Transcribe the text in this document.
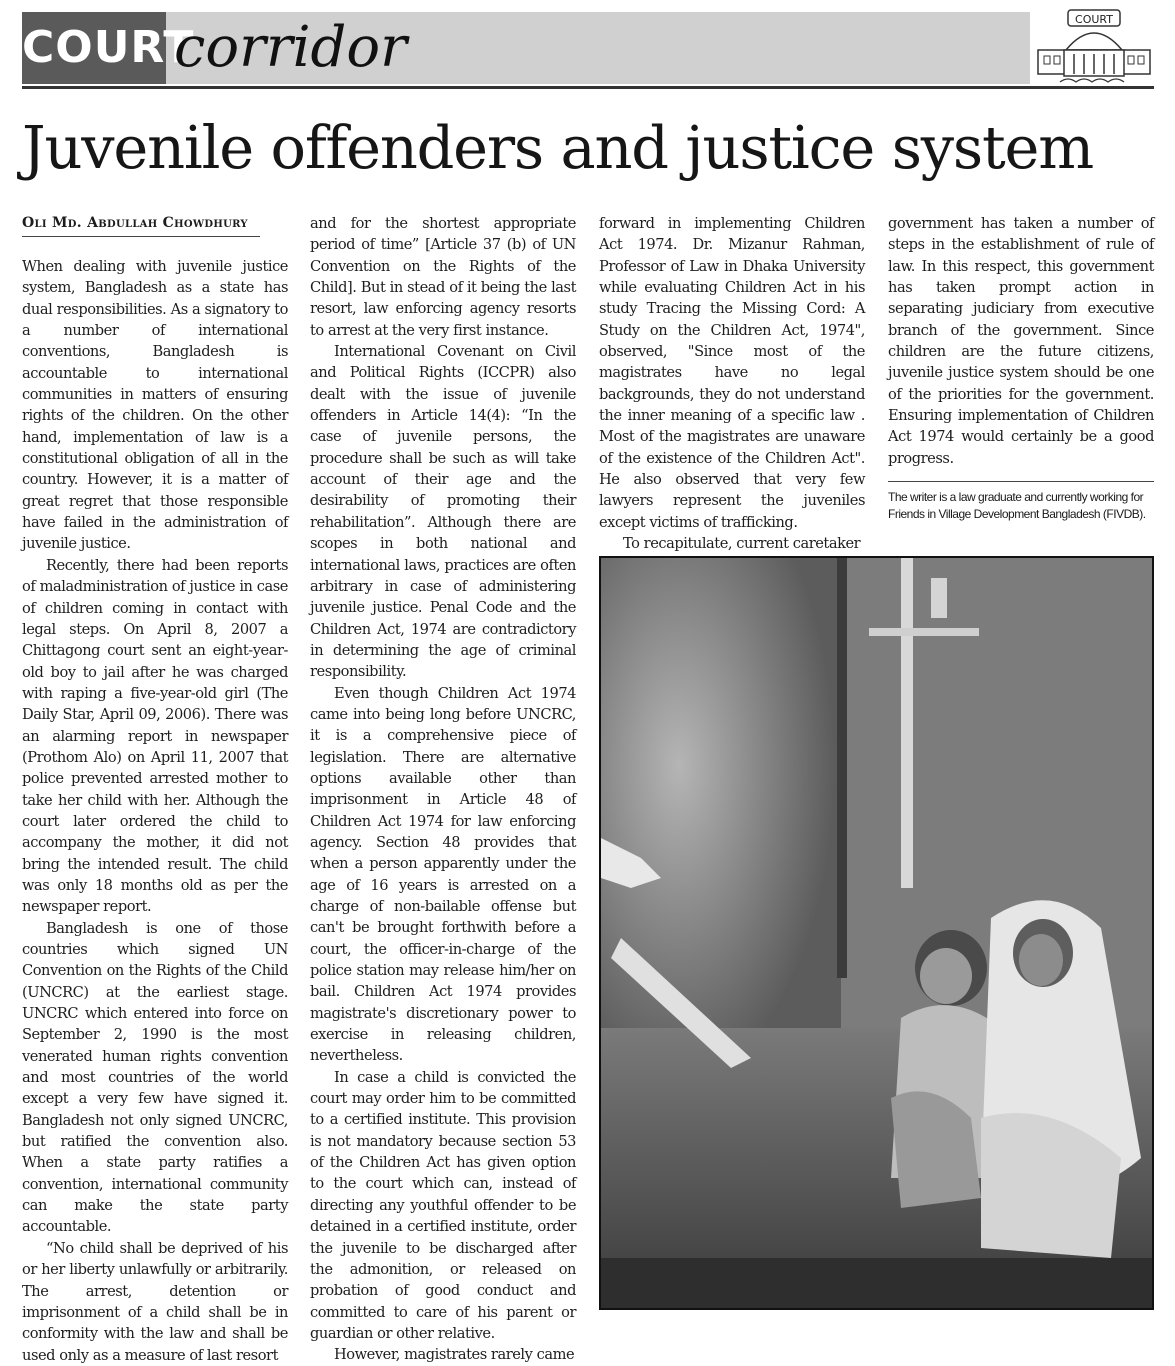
COURT
corridor	COURT
Juvenile offenders and justice system
Oli Md. Abdullah Chowdhury

When dealing with juvenile justice system, Bangladesh as a state has dual responsibilities. As a signatory to a number of international conventions, Bangladesh is accountable to international communities in matters of ensuring rights of the children. On the other hand, implementation of law is a constitutional obligation of all in the country. However, it is a matter of great regret that those responsible have failed in the administration of juvenile justice.

Recently, there had been reports of maladministration of justice in case of children coming in contact with legal steps. On April 8, 2007 a Chittagong court sent an eight-year-old boy to jail after he was charged with raping a five-year-old girl (The Daily Star, April 09, 2006). There was an alarming report in newspaper (Prothom Alo) on April 11, 2007 that police prevented arrested mother to take her child with her. Although the court later ordered the child to accompany the mother, it did not bring the intended result. The child was only 18 months old as per the newspaper report.

Bangladesh is one of those countries which signed UN Convention on the Rights of the Child (UNCRC) at the earliest stage. UNCRC which entered into force on September 2, 1990 is the most venerated human rights convention and most countries of the world except a very few have signed it. Bangladesh not only signed UNCRC, but ratified the convention also. When a state party ratifies a convention, international community can make the state party accountable.

“No child shall be deprived of his or her liberty unlawfully or arbitrarily. The arrest, detention or imprisonment of a child shall be in conformity with the law and shall be used only as a measure of last resort

and for the shortest appropriate period of time” [Article 37 (b) of UN Convention on the Rights of the Child]. But in stead of it being the last resort, law enforcing agency resorts to arrest at the very first instance.

International Covenant on Civil and Political Rights (ICCPR) also dealt with the issue of juvenile offenders in Article 14(4): “In the case of juvenile persons, the procedure shall be such as will take account of their age and the desirability of promoting their rehabilitation”. Although there are scopes in both national and international laws, practices are often arbitrary in case of administering juvenile justice. Penal Code and the Children Act, 1974 are contradictory in determining the age of criminal responsibility.

Even though Children Act 1974 came into being long before UNCRC, it is a comprehensive piece of legislation. There are alternative options available other than imprisonment in Article 48 of Children Act 1974 for law enforcing agency. Section 48 provides that when a person apparently under the age of 16 years is arrested on a charge of non-bailable offense but can't be brought forthwith before a court, the officer-in-charge of the police station may release him/her on bail. Children Act 1974 provides magistrate's discretionary power to exercise in releasing children, nevertheless.

In case a child is convicted the court may order him to be committed to a certified institute. This provision is not mandatory because section 53 of the Children Act has given option to the court which can, instead of directing any youthful offender to be detained in a certified institute, order the juvenile to be discharged after the admonition, or released on probation of good conduct and committed to care of his parent or guardian or other relative.

However, magistrates rarely came

forward in implementing Children Act 1974. Dr. Mizanur Rahman, Professor of Law in Dhaka University while evaluating Children Act in his study Tracing the Missing Cord: A Study on the Children Act, 1974", observed, "Since most of the magistrates have no legal backgrounds, they do not understand the inner meaning of a specific law . Most of the magistrates are unaware of the existence of the Children Act". He also observed that very few lawyers represent the juveniles except victims of trafficking.

To recapitulate, current caretaker

government has taken a number of steps in the establishment of rule of law. In this respect, this government has taken prompt action in separating judiciary from executive branch of the government. Since children are the future citizens, juvenile justice system should be one of the priorities for the government. Ensuring implementation of Children Act 1974 would certainly be a good progress.

The writer is a law graduate and currently working for Friends in Village Development Bangladesh (FIVDB).
